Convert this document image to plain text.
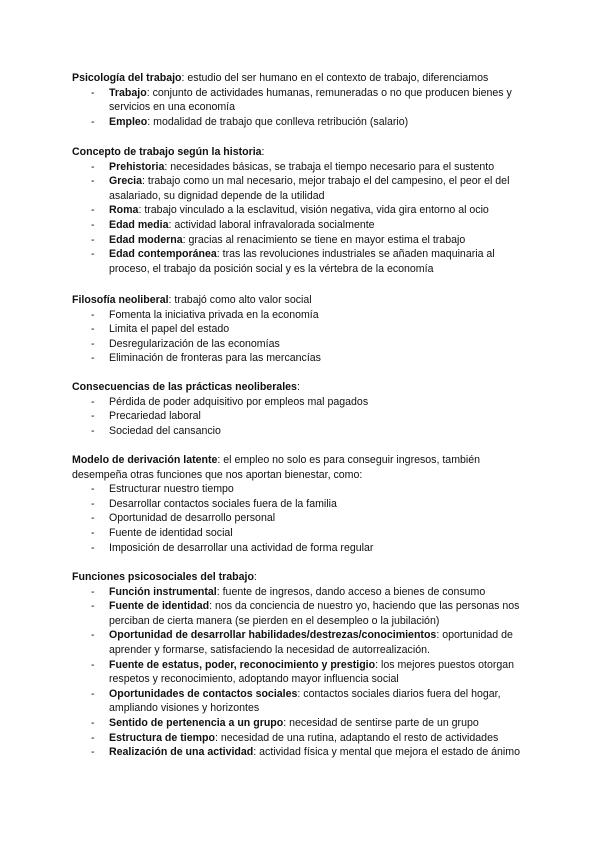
Psicología del trabajo: estudio del ser humano en el contexto de trabajo, diferenciamos

- Trabajo: conjunto de actividades humanas, remuneradas o no que producen bienes y servicios en una economía
- Empleo: modalidad de trabajo que conlleva retribución (salario)

Concepto de trabajo según la historia:

- Prehistoria: necesidades básicas, se trabaja el tiempo necesario para el sustento
- Grecia: trabajo como un mal necesario, mejor trabajo el del campesino, el peor el del asalariado, su dignidad depende de la utilidad
- Roma: trabajo vinculado a la esclavitud, visión negativa, vida gira entorno al ocio
- Edad media: actividad laboral infravalorada socialmente
- Edad moderna: gracias al renacimiento se tiene en mayor estima el trabajo
- Edad contemporánea: tras las revoluciones industriales se añaden maquinaria al proceso, el trabajo da posición social y es la vértebra de la economía

Filosofía neoliberal: trabajó como alto valor social

- Fomenta la iniciativa privada en la economía
- Limita el papel del estado
- Desregularización de las economías
- Eliminación de fronteras para las mercancías

Consecuencias de las prácticas neoliberales:

- Pérdida de poder adquisitivo por empleos mal pagados
- Precariedad laboral
- Sociedad del cansancio

Modelo de derivación latente: el empleo no solo es para conseguir ingresos, también desempeña otras funciones que nos aportan bienestar, como:

- Estructurar nuestro tiempo
- Desarrollar contactos sociales fuera de la familia
- Oportunidad de desarrollo personal
- Fuente de identidad social
- Imposición de desarrollar una actividad de forma regular

Funciones psicosociales del trabajo:

- Función instrumental: fuente de ingresos, dando acceso a bienes de consumo
- Fuente de identidad: nos da conciencia de nuestro yo, haciendo que las personas nos perciban de cierta manera (se pierden en el desempleo o la jubilación)
- Oportunidad de desarrollar habilidades/destrezas/conocimientos: oportunidad de aprender y formarse, satisfaciendo la necesidad de autorrealización.
- Fuente de estatus, poder, reconocimiento y prestigio: los mejores puestos otorgan respetos y reconocimiento, adoptando mayor influencia social
- Oportunidades de contactos sociales: contactos sociales diarios fuera del hogar, ampliando visiones y horizontes
- Sentido de pertenencia a un grupo: necesidad de sentirse parte de un grupo
- Estructura de tiempo: necesidad de una rutina, adaptando el resto de actividades
- Realización de una actividad: actividad física y mental que mejora el estado de ánimo
